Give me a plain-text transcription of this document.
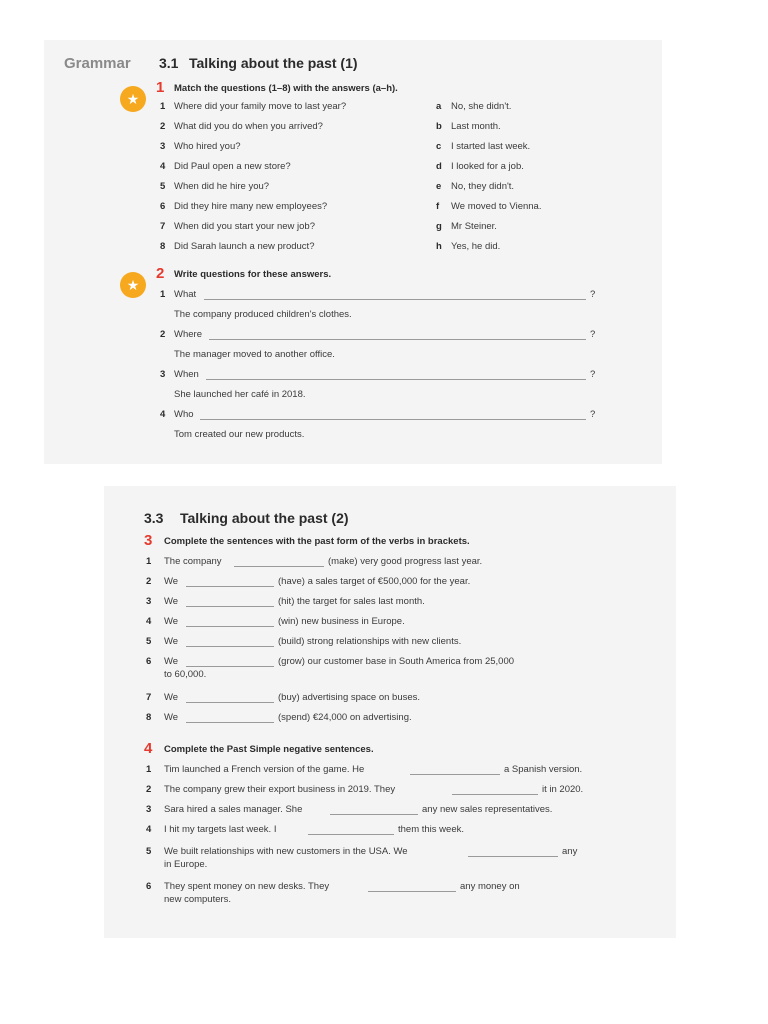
Grammar 3.1 Talking about the past (1)
★
1 Match the questions (1–8) with the answers (a–h).
1 Where did your family move to last year?
2 What did you do when you arrived?
3 Who hired you?
4 Did Paul open a new store?
5 When did he hire you?
6 Did they hire many new employees?
7 When did you start your new job?
8 Did Sarah launch a new product?
a No, she didn't.
b Last month.
c I started last week.
d I looked for a job.
e No, they didn't.
f We moved to Vienna.
g Mr Steiner.
h Yes, he did.
★
2 Write questions for these answers.
1 What	?
The company produced children's clothes.
2 Where	?
The manager moved to another office.
3 When	?
She launched her café in 2018.
4 Who	?
Tom created our new products.
3.3 Talking about the past (2)
3 Complete the sentences with the past form of the verbs in brackets.
1 The company	(make) very good progress last year.
2 We	(have) a sales target of €500,000 for the year.
3 We	(hit) the target for sales last month.
4 We	(win) new business in Europe.
5 We	(build) strong relationships with new clients.
6 We	(grow) our customer base in South America from 25,000
to 60,000.
7 We	(buy) advertising space on buses.
8 We	(spend) €24,000 on advertising.
4 Complete the Past Simple negative sentences.
1 Tim launched a French version of the game. He	a Spanish version.
2 The company grew their export business in 2019. They	it in 2020.
3 Sara hired a sales manager. She	any new sales representatives.
4 I hit my targets last week. I	them this week.
5 We built relationships with new customers in the USA. We	any
in Europe.
6 They spent money on new desks. They	any money on
new computers.
